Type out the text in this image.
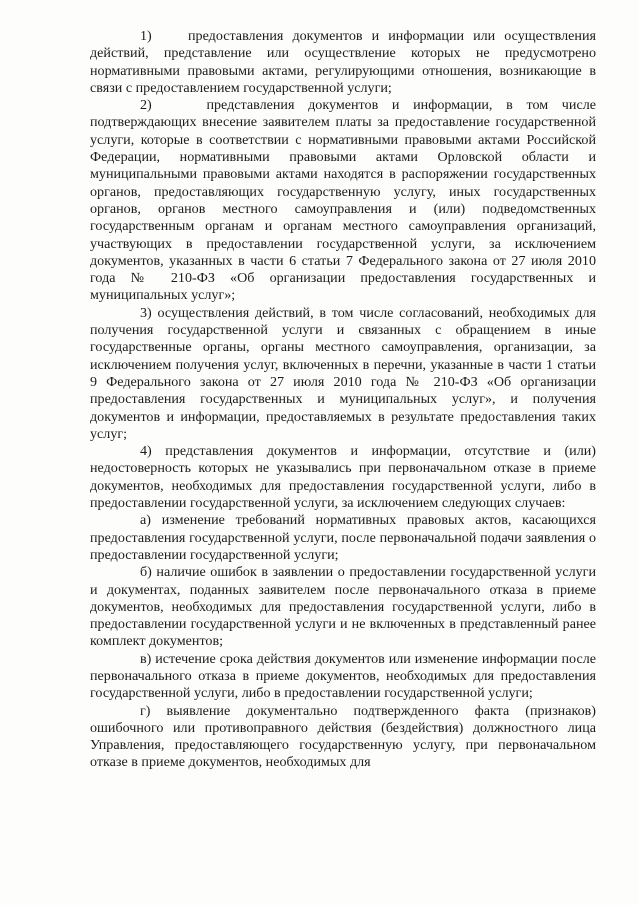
1)    предоставления документов и информации или осуществления действий, представление или осуществление которых не предусмотрено нормативными правовыми актами, регулирующими отношения, возникающие в связи с предоставлением государственной услуги;

2)    представления документов и информации, в том числе подтверждающих внесение заявителем платы за предоставление государственной услуги, которые в соответствии с нормативными правовыми актами Российской Федерации, нормативными правовыми актами Орловской области и муниципальными правовыми актами находятся в распоряжении государственных органов, предоставляющих государственную услугу, иных государственных органов, органов местного самоуправления и (или) подведомственных государственным органам и органам местного самоуправления организаций, участвующих в предоставлении государственной услуги, за исключением документов, указанных в части 6 статьи 7 Федерального закона от 27 июля 2010 года № 210-ФЗ «Об организации предоставления государственных и муниципальных услуг»;

3) осуществления действий, в том числе согласований, необходимых для получения государственной услуги и связанных с обращением в иные государственные органы, органы местного самоуправления, организации, за исключением получения услуг, включенных в перечни, указанные в части 1 статьи 9 Федерального закона от 27 июля 2010 года № 210-ФЗ «Об организации предоставления государственных и муниципальных услуг», и получения документов и информации, предоставляемых в результате предоставления таких услуг;

4) представления документов и информации, отсутствие и (или) недостоверность которых не указывались при первоначальном отказе в приеме документов, необходимых для предоставления государственной услуги, либо в предоставлении государственной услуги, за исключением следующих случаев:

а) изменение требований нормативных правовых актов, касающихся предоставления государственной услуги, после первоначальной подачи заявления о предоставлении государственной услуги;

б) наличие ошибок в заявлении о предоставлении государственной услуги и документах, поданных заявителем после первоначального отказа в приеме документов, необходимых для предоставления государственной услуги, либо в предоставлении государственной услуги и не включенных в представленный ранее комплект документов;

в) истечение срока действия документов или изменение информации после первоначального отказа в приеме документов, необходимых для предоставления государственной услуги, либо в предоставлении государственной услуги;

г) выявление документально подтвержденного факта (признаков) ошибочного или противоправного действия (бездействия) должностного лица Управления, предоставляющего государственную услугу, при первоначальном отказе в приеме документов, необходимых для
